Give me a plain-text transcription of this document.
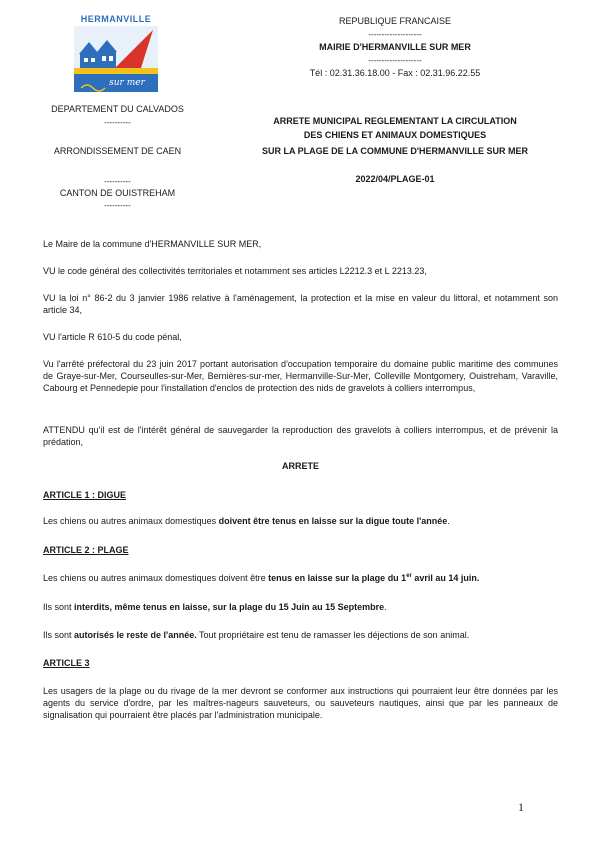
HERMANVILLE
sur mer
DEPARTEMENT DU CALVADOS
----------
ARRONDISSEMENT DE CAEN
----------
CANTON DE OUISTREHAM
----------
REPUBLIQUE FRANCAISE
--------------------
MAIRIE D'HERMANVILLE SUR MER
--------------------
Tél : 02.31.36.18.00 - Fax : 02.31.96.22.55
ARRETE MUNICIPAL REGLEMENTANT LA CIRCULATION
DES CHIENS ET ANIMAUX DOMESTIQUES
SUR LA PLAGE DE LA COMMUNE D'HERMANVILLE SUR MER
2022/04/PLAGE-01
Le Maire de la commune d'HERMANVILLE SUR MER,
VU le code général des collectivités territoriales et notamment ses articles L2212.3 et L 2213.23,
VU la loi n° 86-2 du 3 janvier 1986 relative à l'aménagement, la protection et la mise en valeur du littoral, et notamment son article 34,
VU l'article R 610-5 du code pénal,
Vu l'arrêté préfectoral du 23 juin 2017 portant autorisation d'occupation temporaire du domaine public maritime des communes de Graye-sur-Mer, Courseulles-sur-Mer, Bernières-sur-mer, Hermanville-Sur-Mer, Colleville Montgomery, Ouistreham, Varaville, Cabourg et Pennedepie pour l'installation d'enclos de protection des nids de gravelots à colliers interrompus,
ATTENDU qu'il est de l'intérêt général de sauvegarder la reproduction des gravelots à colliers interrompus, et de prévenir la prédation,
ARRETE
ARTICLE 1 : DIGUE
Les chiens ou autres animaux domestiques doivent être tenus en laisse sur la digue toute l'année.
ARTICLE 2 : PLAGE
Les chiens ou autres animaux domestiques doivent être tenus en laisse sur la plage du 1er avril au 14 juin.
Ils sont interdits, même tenus en laisse, sur la plage du 15 Juin au 15 Septembre.
Ils sont autorisés le reste de l'année. Tout propriétaire est tenu de ramasser les déjections de son animal.
ARTICLE 3
Les usagers de la plage ou du rivage de la mer devront se conformer aux instructions qui pourraient leur être données par les agents du service d'ordre, par les maîtres-nageurs sauveteurs, ou sauveteurs nautiques, ainsi que par les panneaux de signalisation qui pourraient être placés par l'administration municipale.
1
